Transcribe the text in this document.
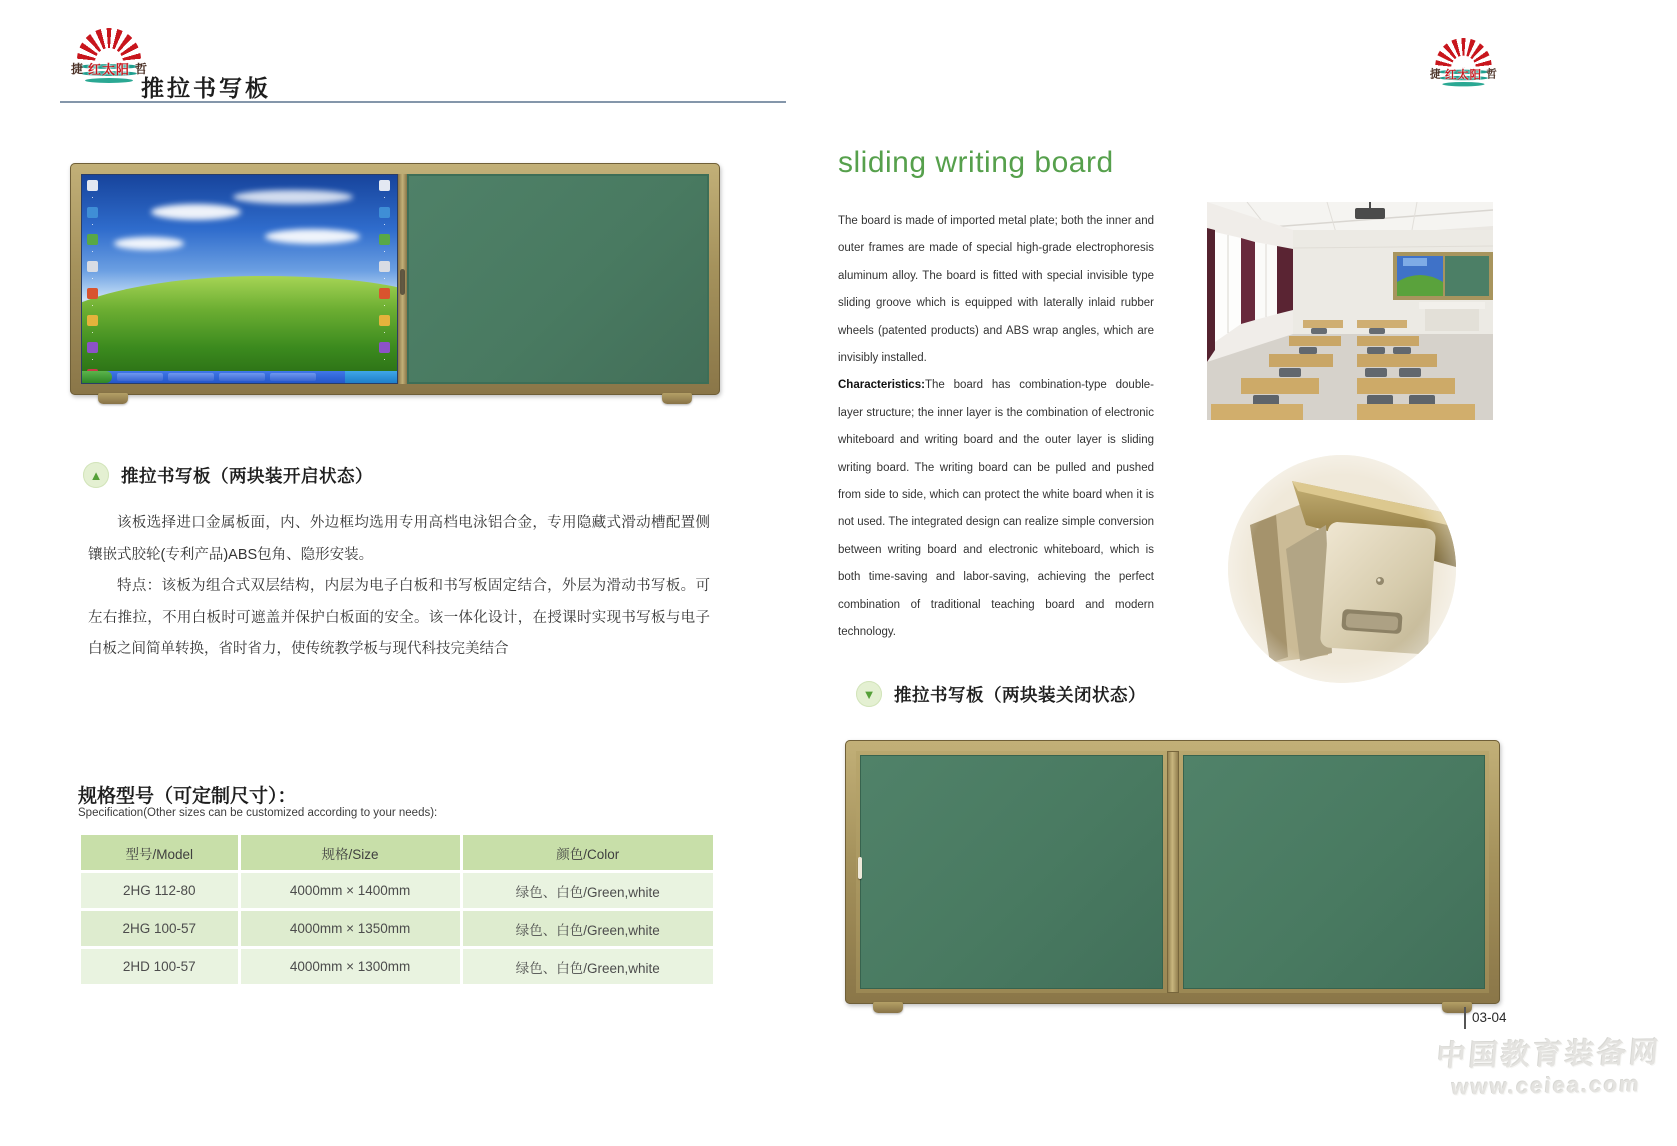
捷 红太阳 哲
推拉书写板
▲ 推拉书写板（两块装开启状态）

该板选择进口金属板面，内、外边框均选用专用高档电泳铝合金，专用隐藏式滑动槽配置侧镶嵌式胶轮(专利产品)ABS包角、隐形安装。

特点：该板为组合式双层结构，内层为电子白板和书写板固定结合，外层为滑动书写板。可左右推拉，不用白板时可遮盖并保护白板面的安全。该一体化设计，在授课时实现书写板与电子白板之间简单转换，省时省力，使传统教学板与现代科技完美结合

规格型号（可定制尺寸）：
Specification(Other sizes can be customized according to your needs):
型号/Model	规格/Size	颜色/Color
2HG 112-80	4000mm × 1400mm	绿色、白色/Green,white
2HG 100-57	4000mm × 1350mm	绿色、白色/Green,white
2HD 100-57	4000mm × 1300mm	绿色、白色/Green,white
捷 红太阳 哲
sliding writing board

The board is made of imported metal plate; both the inner and outer frames are made of special high-grade electrophoresis aluminum alloy. The board is fitted with special invisible type sliding groove which is equipped with laterally inlaid rubber wheels (patented products) and ABS wrap angles, which are invisibly installed.

Characteristics:The board has combination-type double-layer structure; the inner layer is the combination of electronic whiteboard and writing board and the outer layer is sliding writing board. The writing board can be pulled and pushed from side to side, which can protect the white board when it is not used. The integrated design can realize simple conversion between writing board and electronic whiteboard, which is both time-saving and labor-saving, achieving the perfect combination of traditional teaching board and modern technology.

▼ 推拉书写板（两块装关闭状态）
03-04
中国教育装备网
www.ceiea.com
